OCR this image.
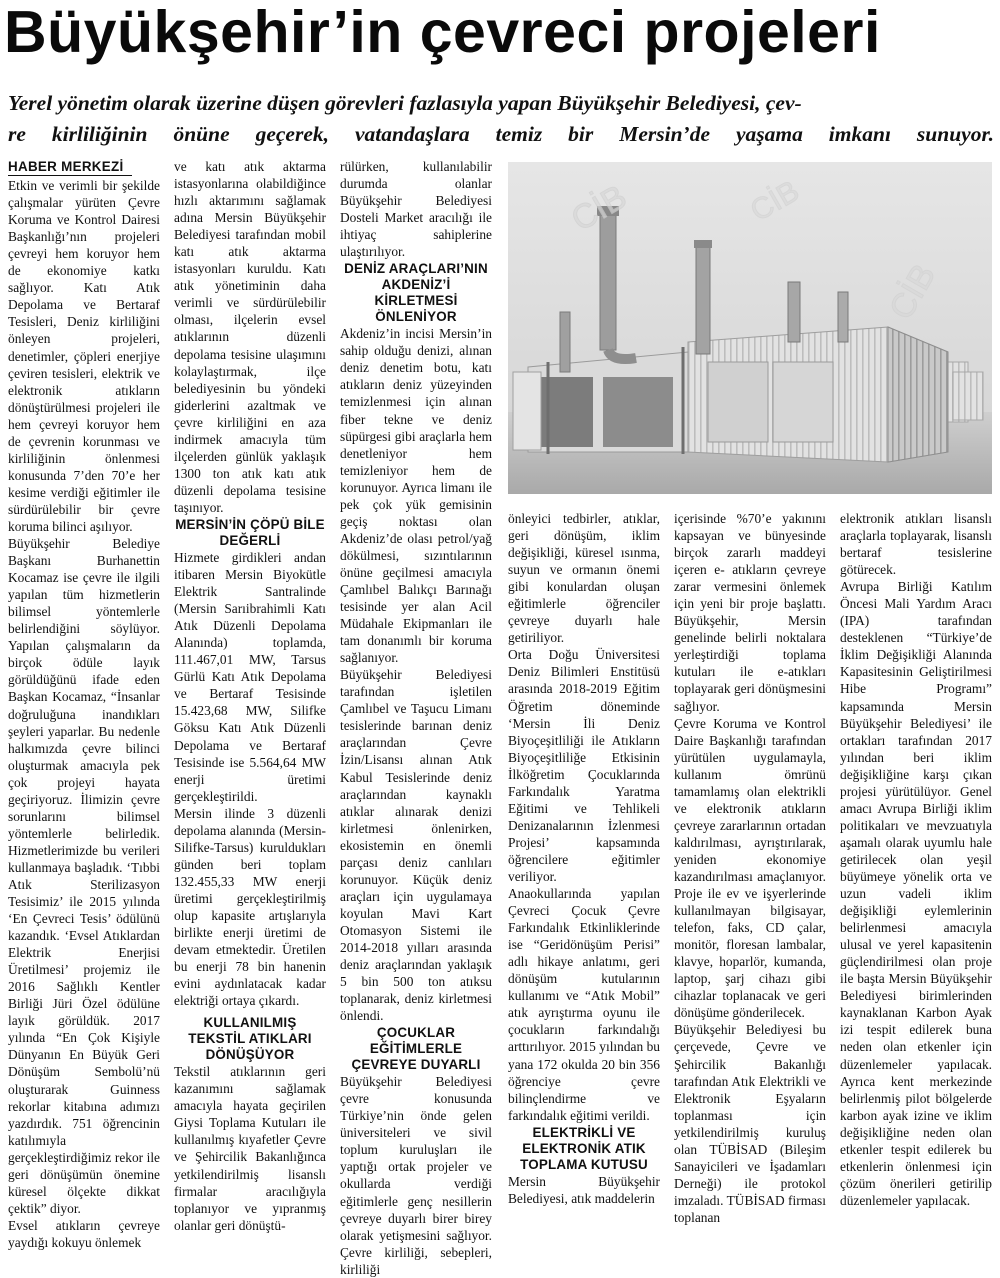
Büyükşehir’in çevreci projeleri
Yerel yönetim olarak üzerine düşen görevleri fazlasıyla yapan Büyükşehir Belediyesi, çev-
re kirliliğinin önüne geçerek, vatandaşlara temiz bir Mersin’de yaşama imkanı sunuyor.
HABER MERKEZİ

Etkin ve verimli bir şekilde çalışmalar yürüten Çevre Koruma ve Kontrol Dairesi Başkanlığı’nın projeleri çevreyi hem koruyor hem de ekonomiye katkı sağlıyor. Katı Atık Depolama ve Bertaraf Tesisleri, Deniz kirliliğini önleyen projeleri, denetimler, çöpleri enerjiye çeviren tesisleri, elektrik ve elektronik atıkların dönüştürülmesi projeleri ile hem çevreyi koruyor hem de çevrenin korunması ve kirliliğinin önlenmesi konusunda 7’den 70’e her kesime verdiği eğitimler ile sürdürülebilir bir çevre koruma bilinci aşılıyor.

Büyükşehir Belediye Başkanı Burhanettin Kocamaz ise çevre ile ilgili yapılan tüm hizmetlerin bilimsel yöntemlerle belirlendiğini söylüyor. Yapılan çalışmaların da birçok ödüle layık görüldüğünü ifade eden Başkan Kocamaz, “İnsanlar doğruluğuna inandıkları şeyleri yaparlar. Bu nedenle halkımızda çevre bilinci oluşturmak amacıyla pek çok projeyi hayata geçiriyoruz. İlimizin çevre sorunlarını bilimsel yöntemlerle belirledik. Hizmetlerimizde bu verileri kullanmaya başladık. ‘Tıbbi Atık Sterilizasyon Tesisimiz’ ile 2015 yılında ‘En Çevreci Tesis’ ödülünü kazandık. ‘Evsel Atıklardan Elektrik Enerjisi Üretilmesi’ projemiz ile 2016 Sağlıklı Kentler Birliği Jüri Özel ödülüne layık görüldük. 2017 yılında “En Çok Kişiyle Dünyanın En Büyük Geri Dönüşüm Sembolü’nü oluşturarak Guinness rekorlar kitabına adımızı yazdırdık. 751 öğrencinin katılımıyla gerçekleştirdiğimiz rekor ile geri dönüşümün önemine küresel ölçekte dikkat çektik” diyor.

Evsel atıkların çevreye yaydığı kokuyu önlemek

ve katı atık aktarma istasyonlarına olabildiğince hızlı aktarımını sağlamak adına Mersin Büyükşehir Belediyesi tarafından mobil katı atık aktarma istasyonları kuruldu. Katı atık yönetiminin daha verimli ve sürdürülebilir olması, ilçelerin evsel atıklarının düzenli depolama tesisine ulaşımını kolaylaştırmak, ilçe belediyesinin bu yöndeki giderlerini azaltmak ve çevre kirliliğini en aza indirmek amacıyla tüm ilçelerden günlük yaklaşık 1300 ton atık katı atık düzenli depolama tesisine taşınıyor.

MERSİN’İN ÇÖPÜ BİLE DEĞERLİ

Hizmete girdikleri andan itibaren Mersin Biyokütle Elektrik Santralinde (Mersin Sarıibrahimli Katı Atık Düzenli Depolama Alanında) toplamda, 111.467,01 MW, Tarsus Gürlü Katı Atık Depolama ve Bertaraf Tesisinde 15.423,68 MW, Silifke Göksu Katı Atık Düzenli Depolama ve Bertaraf Tesisinde ise 5.564,64 MW enerji üretimi gerçekleştirildi.

Mersin ilinde 3 düzenli depolama alanında (Mersin-Silifke-Tarsus) kuruldukları günden beri toplam 132.455,33 MW enerji üretimi gerçekleştirilmiş olup kapasite artışlarıyla birlikte enerji üretimi de devam etmektedir. Üretilen bu enerji 78 bin hanenin evini aydınlatacak kadar elektriği ortaya çıkardı.

KULLANILMIŞ TEKSTİL ATIKLARI DÖNÜŞÜYOR

Tekstil atıklarının geri kazanımını sağlamak amacıyla hayata geçirilen Giysi Toplama Kutuları ile kullanılmış kıyafetler Çevre ve Şehircilik Bakanlığınca yetkilendirilmiş lisanslı firmalar aracılığıyla toplanıyor ve yıpranmış olanlar geri dönüştü-

rülürken, kullanılabilir durumda olanlar Büyükşehir Belediyesi Dosteli Market aracılığı ile ihtiyaç sahiplerine ulaştırılıyor.

DENİZ ARAÇLARI’NIN AKDENİZ’İ KİRLETMESİ ÖNLENİYOR

Akdeniz’in incisi Mersin’in sahip olduğu denizi, alınan deniz denetim botu, katı atıkların deniz yüzeyinden temizlenmesi için alınan fiber tekne ve deniz süpürgesi gibi araçlarla hem denetleniyor hem temizleniyor hem de korunuyor. Ayrıca limanı ile pek çok yük gemisinin geçiş noktası olan Akdeniz’de olası petrol/yağ dökülmesi, sızıntılarının önüne geçilmesi amacıyla Çamlıbel Balıkçı Barınağı tesisinde yer alan Acil Müdahale Ekipmanları ile tam donanımlı bir koruma sağlanıyor.

Büyükşehir Belediyesi tarafından işletilen Çamlıbel ve Taşucu Limanı tesislerinde barınan deniz araçlarından Çevre İzin/Lisansı alınan Atık Kabul Tesislerinde deniz araçlarından kaynaklı atıklar alınarak denizi kirletmesi önlenirken, ekosistemin en önemli parçası deniz canlıları korunuyor. Küçük deniz araçları için uygulamaya koyulan Mavi Kart Otomasyon Sistemi ile 2014-2018 yılları arasında deniz araçlarından yaklaşık 5 bin 500 ton atıksu toplanarak, deniz kirletmesi önlendi.

ÇOCUKLAR EĞİTİMLERLE ÇEVREYE DUYARLI

Büyükşehir Belediyesi çevre konusunda Türkiye’nin önde gelen üniversiteleri ve sivil toplum kuruluşları ile yaptığı ortak projeler ve okullarda verdiği eğitimlerle genç nesillerin çevreye duyarlı birer birey olarak yetişmesini sağlıyor. Çevre kirliliği, sebepleri, kirliliği

CİB	CİB
CİB

önleyici tedbirler, atıklar, geri dönüşüm, iklim değişikliği, küresel ısınma, suyun ve ormanın önemi gibi konulardan oluşan eğitimlerle öğrenciler çevreye duyarlı hale getiriliyor.

Orta Doğu Üniversitesi Deniz Bilimleri Enstitüsü arasında 2018-2019 Eğitim Öğretim döneminde ‘Mersin İli Deniz Biyoçeşitliliği ile Atıkların Biyoçeşitliliğe Etkisinin İlköğretim Çocuklarında Farkındalık Yaratma Eğitimi ve Tehlikeli Denizanalarının İzlenmesi Projesi’ kapsamında öğrencilere eğitimler veriliyor.

Anaokullarında yapılan Çevreci Çocuk Çevre Farkındalık Etkinliklerinde ise “Geridönüşüm Perisi” adlı hikaye anlatımı, geri dönüşüm kutularının kullanımı ve “Atık Mobil” atık ayrıştırma oyunu ile çocukların farkındalığı arttırılıyor. 2015 yılından bu yana 172 okulda 20 bin 356 öğrenciye çevre bilinçlendirme ve farkındalık eğitimi verildi.

ELEKTRİKLİ VE ELEKTRONİK ATIK TOPLAMA KUTUSU

Mersin Büyükşehir Belediyesi, atık maddelerin

içerisinde %70’e yakınını kapsayan ve bünyesinde birçok zararlı maddeyi içeren e- atıkların çevreye zarar vermesini önlemek için yeni bir proje başlattı. Büyükşehir, Mersin genelinde belirli noktalara yerleştirdiği toplama kutuları ile e-atıkları toplayarak geri dönüşmesini sağlıyor.

Çevre Koruma ve Kontrol Daire Başkanlığı tarafından yürütülen uygulamayla, kullanım ömrünü tamamlamış olan elektrikli ve elektronik atıkların çevreye zararlarının ortadan kaldırılması, ayrıştırılarak, yeniden ekonomiye kazandırılması amaçlanıyor. Proje ile ev ve işyerlerinde kullanılmayan bilgisayar, telefon, faks, CD çalar, monitör, floresan lambalar, klavye, hoparlör, kumanda, laptop, şarj cihazı gibi cihazlar toplanacak ve geri dönüşüme gönderilecek.

Büyükşehir Belediyesi bu çerçevede, Çevre ve Şehircilik Bakanlığı tarafından Atık Elektrikli ve Elektronik Eşyaların toplanması için yetkilendirilmiş kuruluş olan TÜBİSAD (Bileşim Sanayicileri ve İşadamları Derneği) ile protokol imzaladı. TÜBİSAD firması toplanan

elektronik atıkları lisanslı araçlarla toplayarak, lisanslı bertaraf tesislerine götürecek.

Avrupa Birliği Katılım Öncesi Mali Yardım Aracı (IPA) tarafından desteklenen “Türkiye’de İklim Değişikliği Alanında Kapasitesinin Geliştirilmesi Hibe Programı” kapsamında Mersin Büyükşehir Belediyesi’ ile ortakları tarafından 2017 yılından beri iklim değişikliğine karşı çıkan projesi yürütülüyor. Genel amacı Avrupa Birliği iklim politikaları ve mevzuatıyla aşamalı olarak uyumlu hale getirilecek olan yeşil büyümeye yönelik orta ve uzun vadeli iklim değişikliği eylemlerinin belirlenmesi amacıyla ulusal ve yerel kapasitenin güçlendirilmesi olan proje ile başta Mersin Büyükşehir Belediyesi birimlerinden kaynaklanan Karbon Ayak izi tespit edilerek buna neden olan etkenler için düzenlemeler yapılacak. Ayrıca kent merkezinde belirlenmiş pilot bölgelerde karbon ayak izine ve iklim değişikliğine neden olan etkenler tespit edilerek bu etkenlerin önlenmesi için çözüm önerileri getirilip düzenlemeler yapılacak.
